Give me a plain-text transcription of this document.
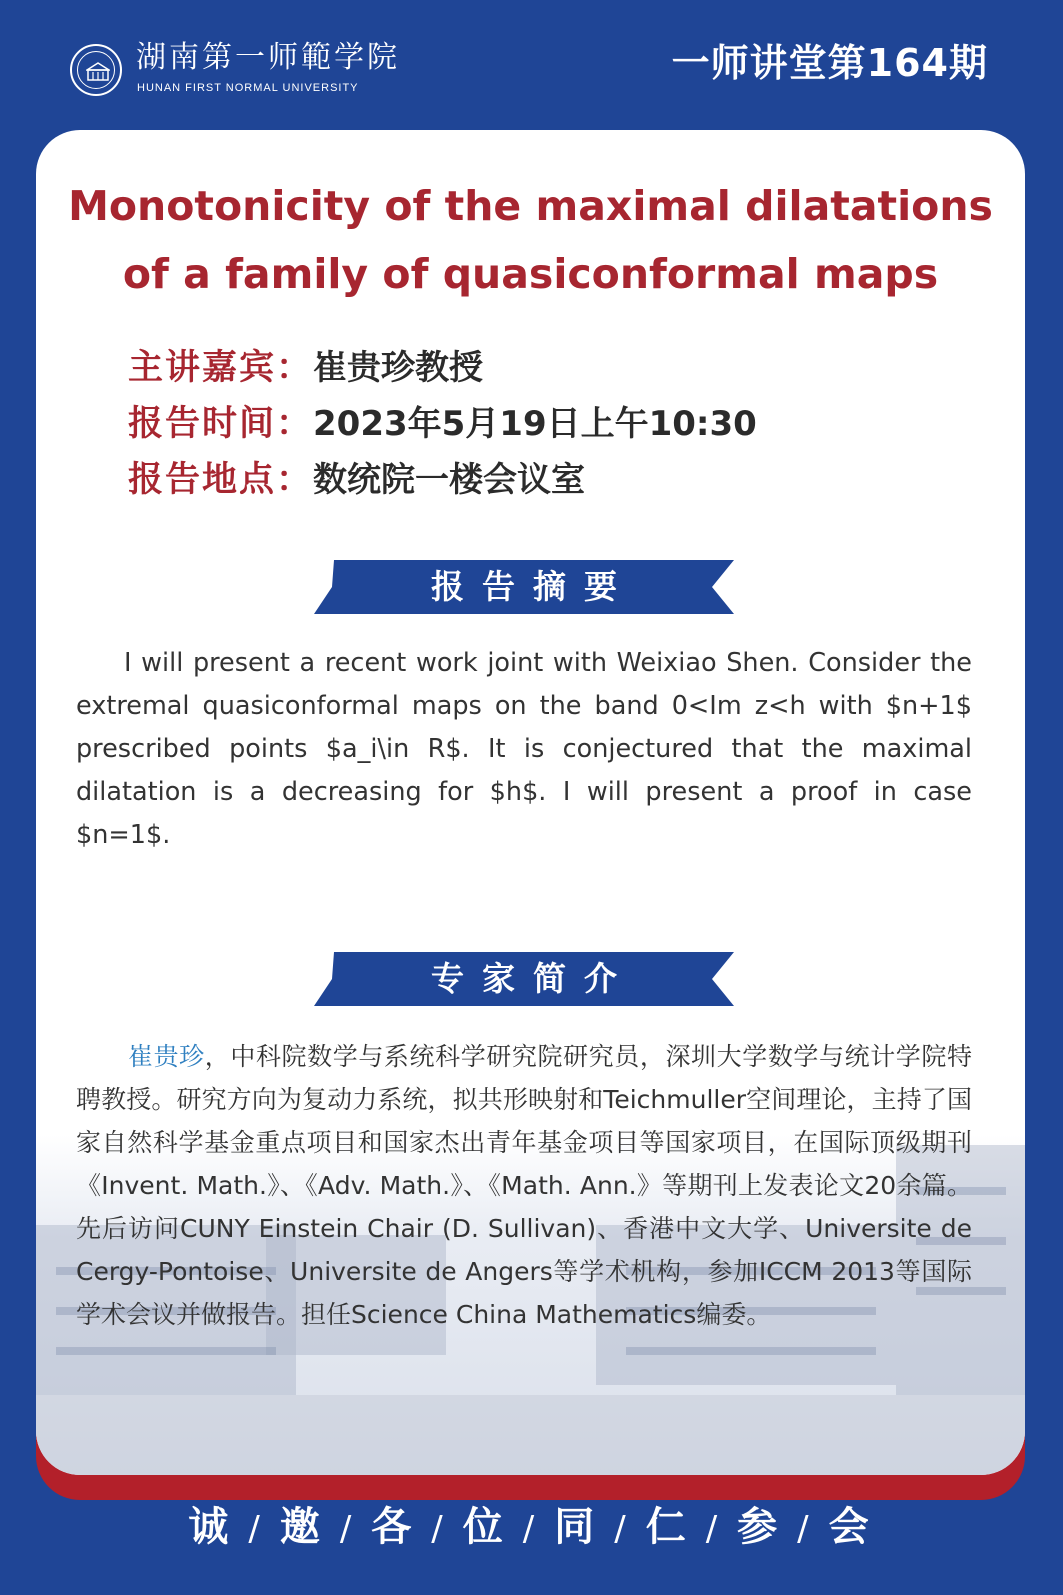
湖南第一师範学院
HUNAN FIRST NORMAL UNIVERSITY
一师讲堂第164期
Monotonicity of the maximal dilatations
of a family of quasiconformal maps
主讲嘉宾：崔贵珍教授
报告时间：2023年5月19日上午10:30
报告地点：数统院一楼会议室
报告摘要
I will present a recent work joint with Weixiao Shen. Consider the extremal quasiconformal maps on the band 0<Im z<h with $n+1$ prescribed points $a_i\in R$. It is conjectured that the maximal dilatation is a decreasing for $h$. I will present a proof in case $n=1$.
专家简介
崔贵珍，中科院数学与系统科学研究院研究员，深圳大学数学与统计学院特聘教授。研究方向为复动力系统，拟共形映射和Teichmuller空间理论，主持了国家自然科学基金重点项目和国家杰出青年基金项目等国家项目，在国际顶级期刊《Invent. Math.》、《Adv. Math.》、《Math. Ann.》等期刊上发表论文20余篇。先后访问CUNY Einstein Chair (D. Sullivan)、香港中文大学、Universite de Cergy-Pontoise、Universite de Angers等学术机构，参加ICCM 2013等国际学术会议并做报告。担任Science China Mathematics编委。
诚 / 邀 / 各 / 位 / 同 / 仁 / 参 / 会
